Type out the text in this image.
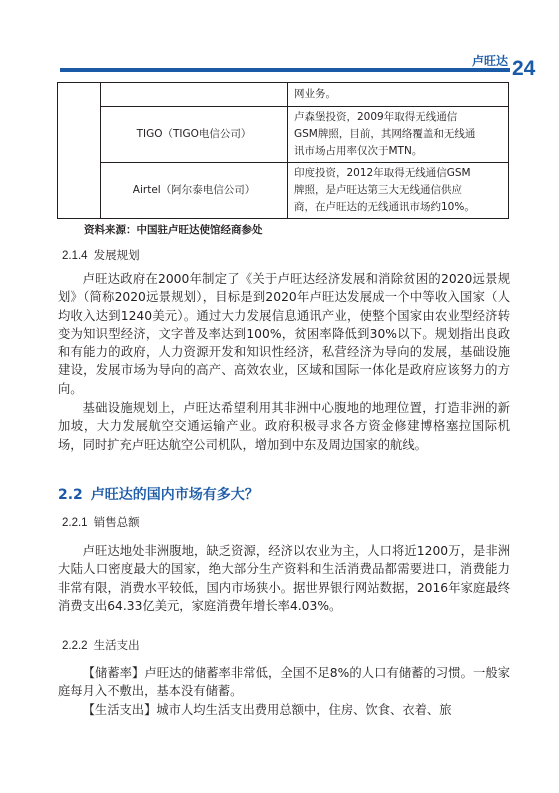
卢旺达 24

		网业务。

	TIGO（TIGO电信公司）	卢森堡投资，2009年取得无线通信
GSM牌照，目前，其网络覆盖和无线通
讯市场占用率仅次于MTN。

	Airtel（阿尔泰电信公司）	印度投资，2012年取得无线通信GSM
牌照，是卢旺达第三大无线通信供应
商，在卢旺达的无线通讯市场约10%。
资料来源：中国驻卢旺达使馆经商参处
2.1.4 发展规划

卢旺达政府在2000年制定了《关于卢旺达经济发展和消除贫困的2020远景规划》（简称2020远景规划），目标是到2020年卢旺达发展成一个中等收入国家（人均收入达到1240美元）。通过大力发展信息通讯产业，使整个国家由农业型经济转变为知识型经济，文字普及率达到100%，贫困率降低到30%以下。规划指出良政和有能力的政府，人力资源开发和知识性经济，私营经济为导向的发展，基础设施建设，发展市场为导向的高产、高效农业，区域和国际一体化是政府应该努力的方向。

基础设施规划上，卢旺达希望利用其非洲中心腹地的地理位置，打造非洲的新加坡，大力发展航空交通运输产业。政府积极寻求各方资金修建博格塞拉国际机场，同时扩充卢旺达航空公司机队，增加到中东及周边国家的航线。

2.2 卢旺达的国内市场有多大？
2.2.1 销售总额

卢旺达地处非洲腹地，缺乏资源，经济以农业为主，人口将近1200万，是非洲大陆人口密度最大的国家，绝大部分生产资料和生活消费品都需要进口，消费能力非常有限，消费水平较低，国内市场狭小。据世界银行网站数据，2016年家庭最终消费支出64.33亿美元，家庭消费年增长率4.03%。

2.2.2 生活支出

【储蓄率】卢旺达的储蓄率非常低，全国不足8%的人口有储蓄的习惯。一般家庭每月入不敷出，基本没有储蓄。

【生活支出】城市人均生活支出费用总额中，住房、饮食、衣着、旅
